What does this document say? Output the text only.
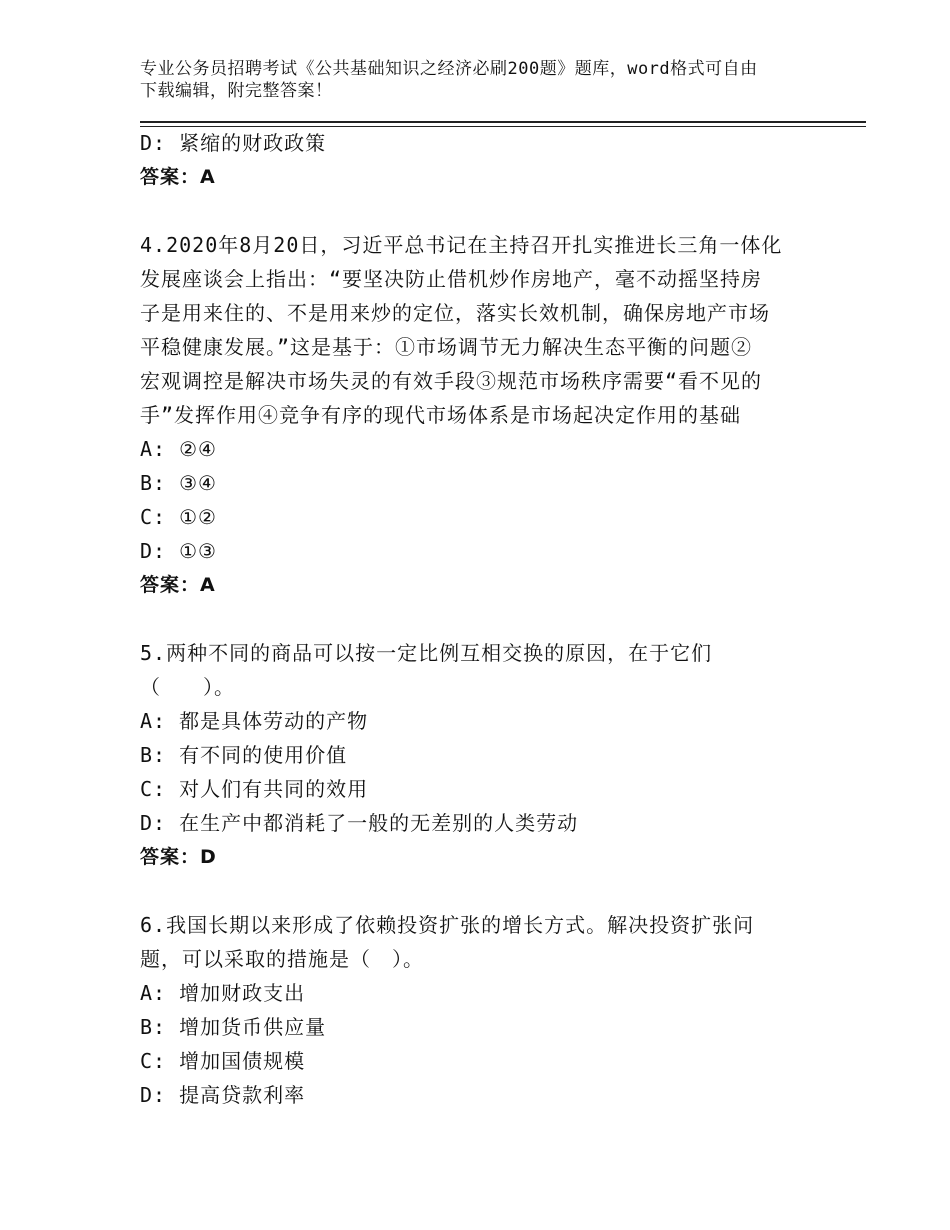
专业公务员招聘考试《公共基础知识之经济必刷200题》题库，word格式可自由
下载编辑，附完整答案！
D: 紧缩的财政政策
答案：A
4.2020年8月20日，习近平总书记在主持召开扎实推进长三角一体化
发展座谈会上指出：“要坚决防止借机炒作房地产，毫不动摇坚持房
子是用来住的、不是用来炒的定位，落实长效机制，确保房地产市场
平稳健康发展。”这是基于：①市场调节无力解决生态平衡的问题②
宏观调控是解决市场失灵的有效手段③规范市场秩序需要“看不见的
手”发挥作用④竞争有序的现代市场体系是市场起决定作用的基础
A: ②④
B: ③④
C: ①②
D: ①③
答案：A
5.两种不同的商品可以按一定比例互相交换的原因，在于它们
（　　）。
A: 都是具体劳动的产物
B: 有不同的使用价值
C: 对人们有共同的效用
D: 在生产中都消耗了一般的无差别的人类劳动
答案：D
6.我国长期以来形成了依赖投资扩张的增长方式。解决投资扩张问
题，可以采取的措施是（　）。
A: 增加财政支出
B: 增加货币供应量
C: 增加国债规模
D: 提高贷款利率
